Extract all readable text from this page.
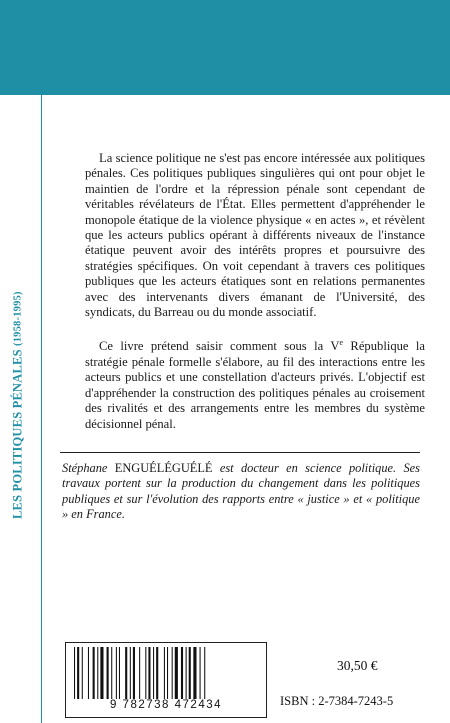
LES POLITIQUES PÉNALES

(1958-1995)

La science politique ne s'est pas encore intéressée aux politiques pénales. Ces politiques publiques singulières qui ont pour objet le maintien de l'ordre et la répression pénale sont cependant de véritables révélateurs de l'État. Elles permettent d'appréhender le monopole étatique de la violence physique « en actes », et révèlent que les acteurs publics opérant à différents niveaux de l'instance étatique peuvent avoir des intérêts propres et poursuivre des stratégies spécifiques. On voit cependant à travers ces politiques publiques que les acteurs étatiques sont en relations permanentes avec des intervenants divers émanant de l'Université, des syndicats, du Barreau ou du monde associatif.

Ce livre prétend saisir comment sous la Ve République la stratégie pénale formelle s'élabore, au fil des interactions entre les acteurs publics et une constellation d'acteurs privés. L'objectif est d'appréhender la construction des politiques pénales au croisement des rivalités et des arrangements entre les membres du système décisionnel pénal.

Stéphane ENGUÉLÉGUÉLÉ est docteur en science politique. Ses travaux portent sur la production du changement dans les politiques publiques et sur l'évolution des rapports entre « justice » et « politique » en France.

9 782738 472434
30,50 €
ISBN : 2-7384-7243-5
